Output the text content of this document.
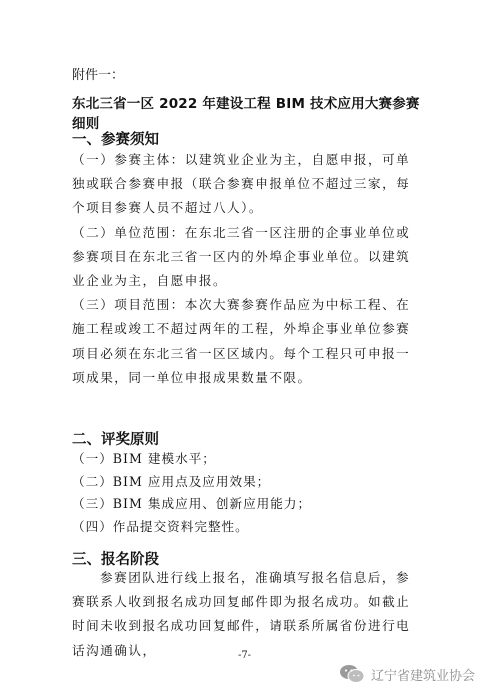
附件一：
东北三省一区 2022 年建设工程 BIM 技术应用大赛参赛细则
一、参赛须知

（一）参赛主体：以建筑业企业为主，自愿申报，可单独或联合参赛申报（联合参赛申报单位不超过三家，每个项目参赛人员不超过八人）。

（二）单位范围：在东北三省一区注册的企事业单位或参赛项目在东北三省一区内的外埠企事业单位。以建筑业企业为主，自愿申报。

（三）项目范围：本次大赛参赛作品应为中标工程、在施工程或竣工不超过两年的工程，外埠企事业单位参赛项目必须在东北三省一区区域内。每个工程只可申报一项成果，同一单位申报成果数量不限。

二、评奖原则
（一）BIM 建模水平；
（二）BIM 应用点及应用效果；
（三）BIM 集成应用、创新应用能力；
（四）作品提交资料完整性。
三、报名阶段

参赛团队进行线上报名，准确填写报名信息后，参赛联系人收到报名成功回复邮件即为报名成功。如截止时间未收到报名成功回复邮件，请联系所属省份进行电话沟通确认，	-7-
辽宁省建筑业协会
